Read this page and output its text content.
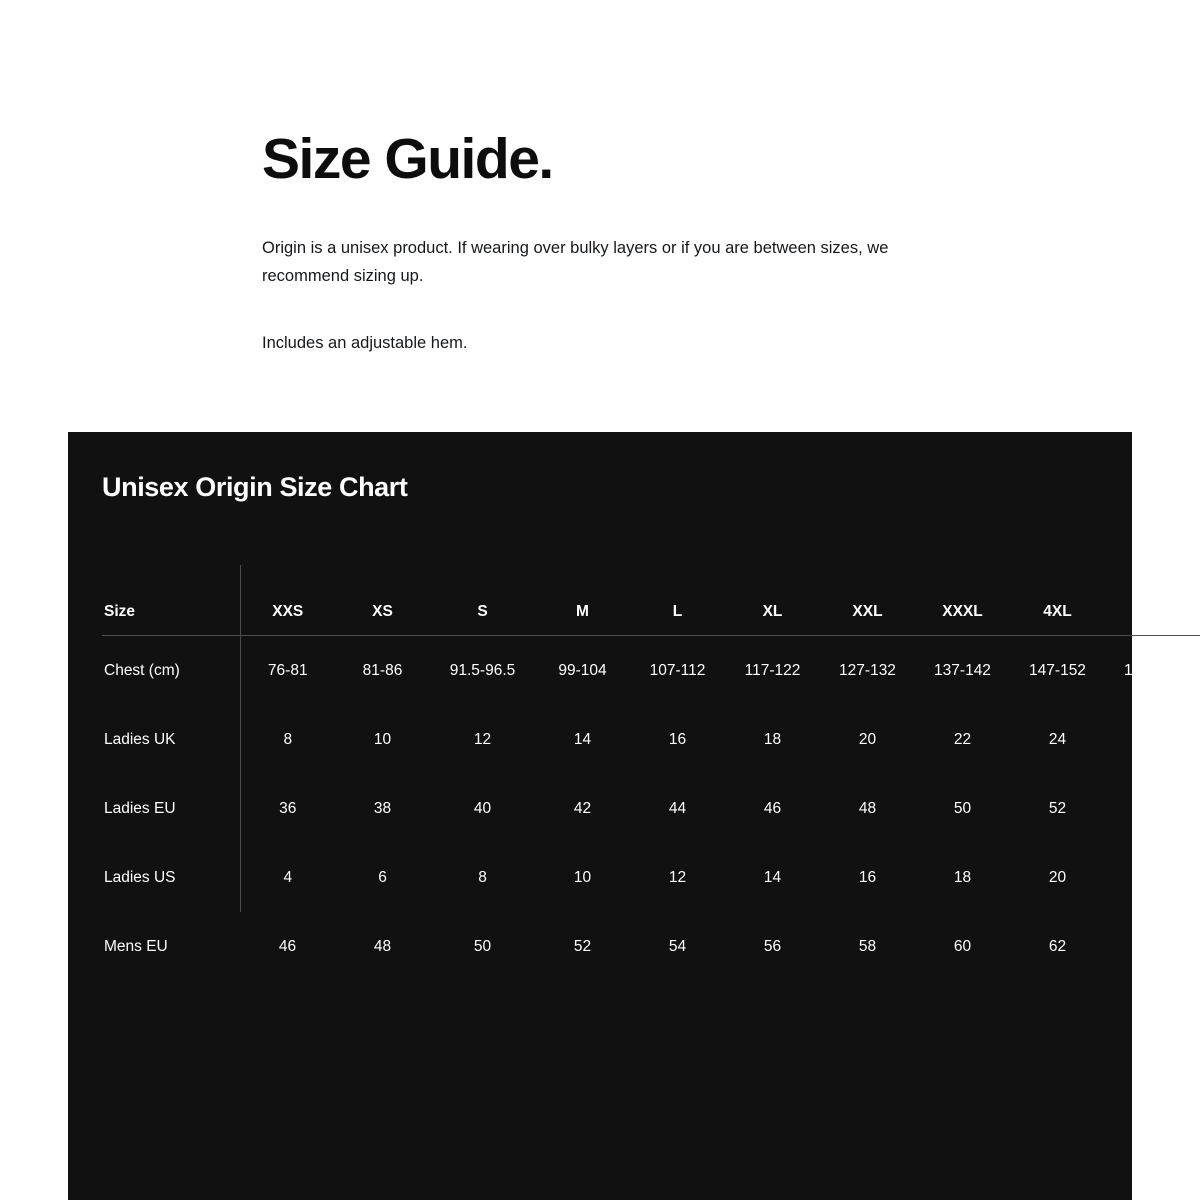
Size Guide.

Origin is a unisex product. If wearing over bulky layers or if you are between sizes, we recommend sizing up.

Includes an adjustable hem.

Unisex Origin Size Chart
Size	XXS	XS	S	M	L	XL	XXL	XXXL	4XL	5XL
Chest (cm)	76-81	81-86	91.5-96.5	99-104	107-112	117-122	127-132	137-142	147-152	157-162
Ladies UK	8	10	12	14	16	18	20	22	24	26
Ladies EU	36	38	40	42	44	46	48	50	52	54
Ladies US	4	6	8	10	12	14	16	18	20	22
Mens EU	46	48	50	52	54	56	58	60	62	64
